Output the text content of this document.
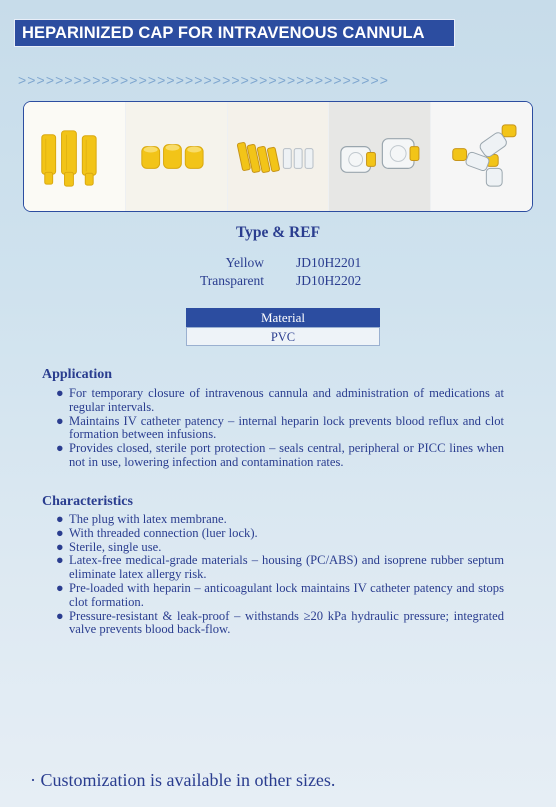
HEPARINIZED CAP FOR INTRAVENOUS CANNULA
>>>>>>>>>>>>>>>>>>>>>>>>>>>>>>>>>>>>>>>>
Type & REF
Yellow JD10H2201
Transparent JD10H2202
Material
PVC
Application
● For temporary closure of intravenous cannula and administration of medications at regular intervals.
● Maintains IV catheter patency – internal heparin lock prevents blood reflux and clot formation between infusions.
● Provides closed, sterile port protection – seals central, peripheral or PICC lines when not in use, lowering infection and contamination rates.
Characteristics
● The plug with latex membrane.
● With threaded connection (luer lock).
● Sterile, single use.
● Latex-free medical-grade materials – housing (PC/ABS) and isoprene rubber septum eliminate latex allergy risk.
● Pre-loaded with heparin – anticoagulant lock maintains IV catheter patency and stops clot formation.
● Pressure-resistant & leak-proof – withstands ≥20 kPa hydraulic pressure; integrated valve prevents blood back-flow.
· Customization is available in other sizes.
